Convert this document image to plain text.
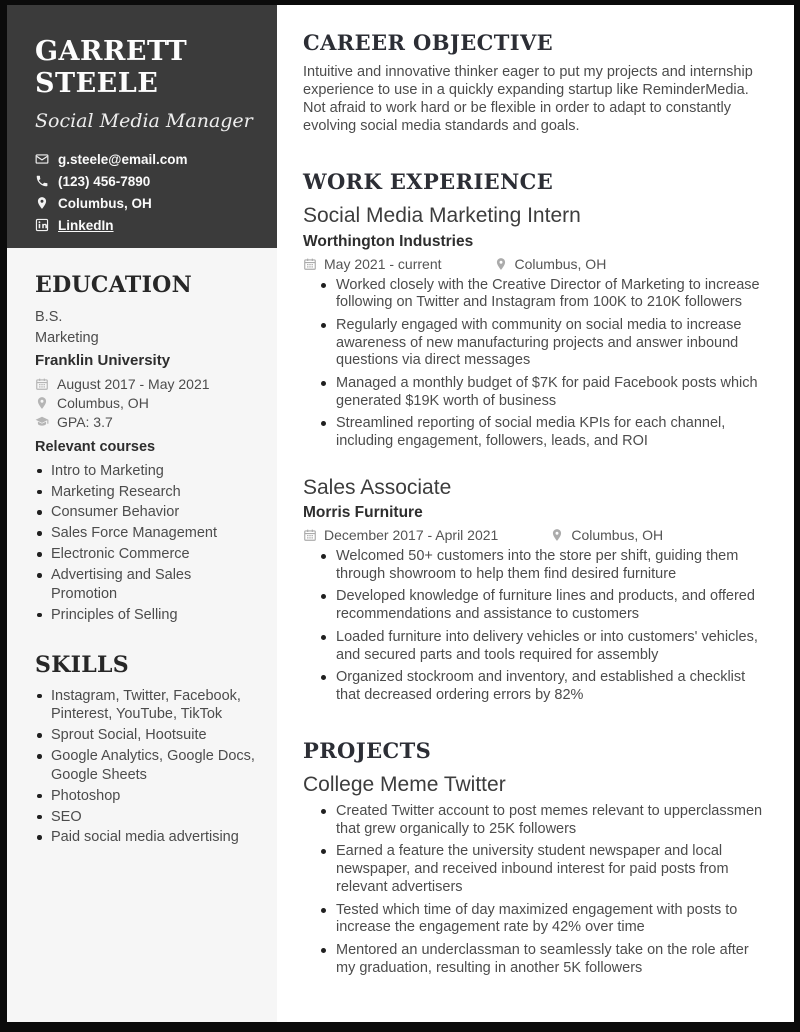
GARRETT
STEELE
Social Media Manager
g.steele@email.com
(123) 456-7890
Columbus, OH
LinkedIn
EDUCATION
B.S.
Marketing
Franklin University
August 2017 - May 2021
Columbus, OH
GPA: 3.7
Relevant courses
Intro to Marketing
Marketing Research
Consumer Behavior
Sales Force Management
Electronic Commerce
Advertising and Sales Promotion
Principles of Selling
SKILLS
Instagram, Twitter, Facebook, Pinterest, YouTube, TikTok
Sprout Social, Hootsuite
Google Analytics, Google Docs, Google Sheets
Photoshop
SEO
Paid social media advertising
CAREER OBJECTIVE

Intuitive and innovative thinker eager to put my projects and internship experience to use in a quickly expanding startup like ReminderMedia. Not afraid to work hard or be flexible in order to adapt to constantly evolving social media standards and goals.

WORK EXPERIENCE
Social Media Marketing Intern
Worthington Industries
May 2021 - current	Columbus, OH
Worked closely with the Creative Director of Marketing to increase following on Twitter and Instagram from 100K to 210K followers
Regularly engaged with community on social media to increase awareness of new manufacturing projects and answer inbound questions via direct messages
Managed a monthly budget of $7K for paid Facebook posts which generated $19K worth of business
Streamlined reporting of social media KPIs for each channel, including engagement, followers, leads, and ROI
Sales Associate
Morris Furniture
December 2017 - April 2021	Columbus, OH
Welcomed 50+ customers into the store per shift, guiding them through showroom to help them find desired furniture
Developed knowledge of furniture lines and products, and offered recommendations and assistance to customers
Loaded furniture into delivery vehicles or into customers' vehicles, and secured parts and tools required for assembly
Organized stockroom and inventory, and established a checklist that decreased ordering errors by 82%
PROJECTS
College Meme Twitter
Created Twitter account to post memes relevant to upperclassmen that grew organically to 25K followers
Earned a feature the university student newspaper and local newspaper, and received inbound interest for paid posts from relevant advertisers
Tested which time of day maximized engagement with posts to increase the engagement rate by 42% over time
Mentored an underclassman to seamlessly take on the role after my graduation, resulting in another 5K followers
